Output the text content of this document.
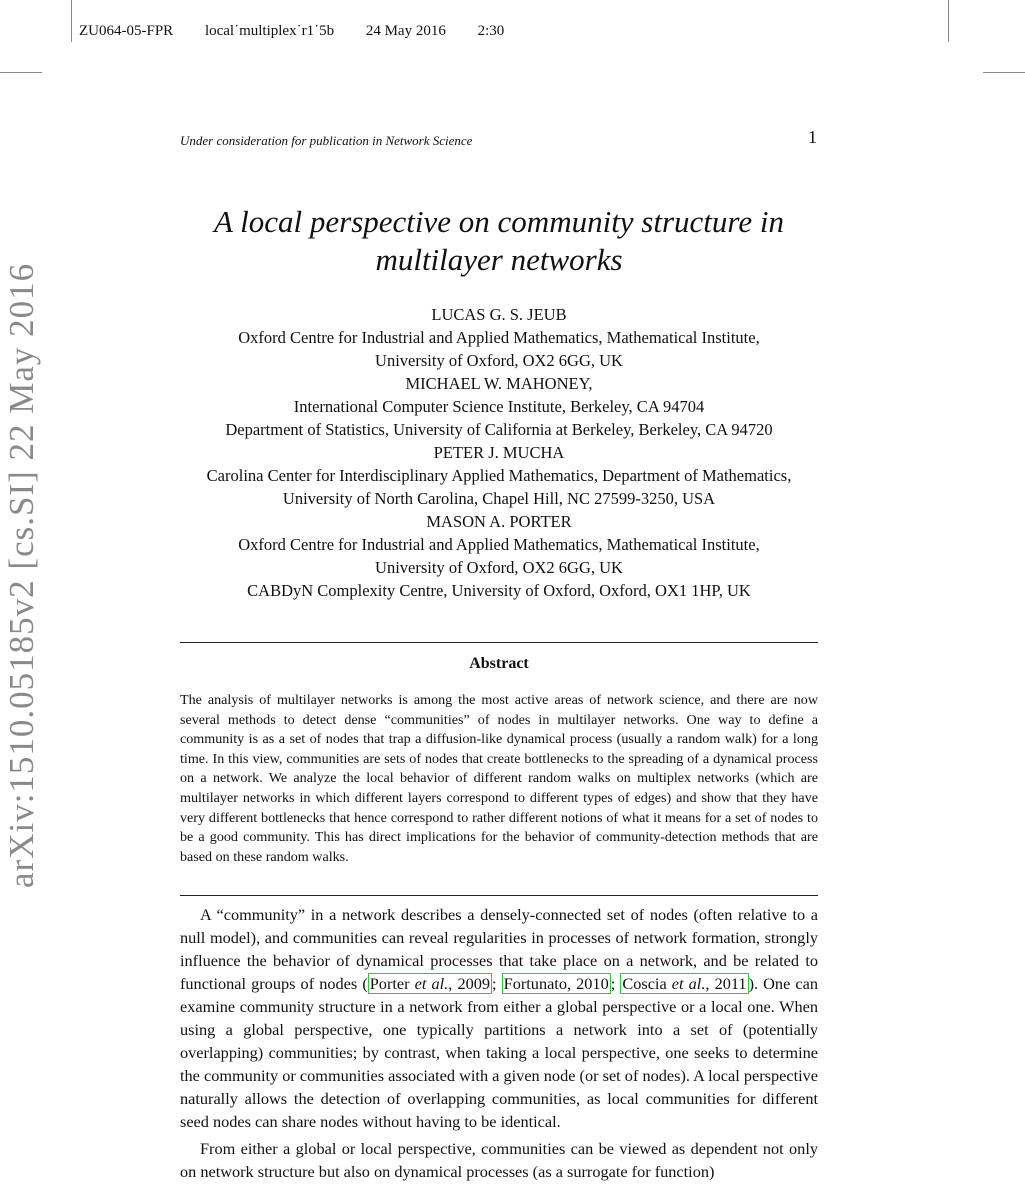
ZU064-05-FPR local˙multiplex˙r1˙5b 24 May 2016 2:30
arXiv:1510.05185v2 [cs.SI] 22 May 2016
Under consideration for publication in Network Science	1
A local perspective on community structure in
multilayer networks
LUCAS G. S. JEUB
Oxford Centre for Industrial and Applied Mathematics, Mathematical Institute,
University of Oxford, OX2 6GG, UK
MICHAEL W. MAHONEY,
International Computer Science Institute, Berkeley, CA 94704
Department of Statistics, University of California at Berkeley, Berkeley, CA 94720
PETER J. MUCHA
Carolina Center for Interdisciplinary Applied Mathematics, Department of Mathematics,
University of North Carolina, Chapel Hill, NC 27599-3250, USA
MASON A. PORTER
Oxford Centre for Industrial and Applied Mathematics, Mathematical Institute,
University of Oxford, OX2 6GG, UK
CABDyN Complexity Centre, University of Oxford, Oxford, OX1 1HP, UK
Abstract
The analysis of multilayer networks is among the most active areas of network science, and there are now several methods to detect dense “communities” of nodes in multilayer networks. One way to define a community is as a set of nodes that trap a diffusion-like dynamical process (usually a random walk) for a long time. In this view, communities are sets of nodes that create bottlenecks to the spreading of a dynamical process on a network. We analyze the local behavior of different random walks on multiplex networks (which are multilayer networks in which different layers correspond to different types of edges) and show that they have very different bottlenecks that hence correspond to rather different notions of what it means for a set of nodes to be a good community. This has direct implications for the behavior of community-detection methods that are based on these random walks.

A “community” in a network describes a densely-connected set of nodes (often relative to a null model), and communities can reveal regularities in processes of network formation, strongly influence the behavior of dynamical processes that take place on a network, and be related to functional groups of nodes ( Porter et al., 2009 ; Fortunato, 2010 ; Coscia et al., 2011 ). One can examine community structure in a network from either a global perspective or a local one. When using a global perspective, one typically partitions a network into a set of (potentially overlapping) communities; by contrast, when taking a local perspective, one seeks to determine the community or communities associated with a given node (or set of nodes). A local perspective naturally allows the detection of overlapping communities, as local communities for different seed nodes can share nodes without having to be identical.

From either a global or local perspective, communities can be viewed as dependent not only on network structure but also on dynamical processes (as a surrogate for function)
